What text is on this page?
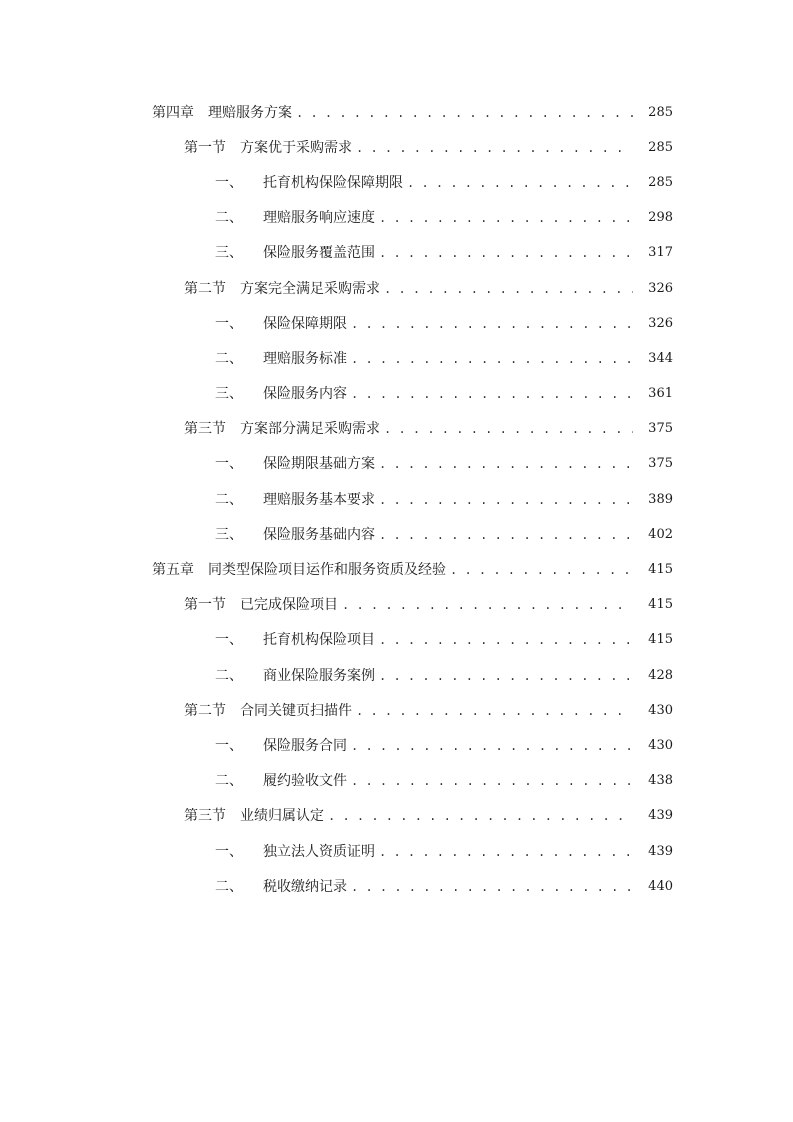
第四章 理赔服务方案 . . .	285
第一节 方案优于采购需求 . . .	285
一、 托育机构保险保障期限 . . .	285
二、 理赔服务响应速度 . . .	298
三、 保险服务覆盖范围 . . .	317
第二节 方案完全满足采购需求 . . .	326
一、 保险保障期限 . . .	326
二、 理赔服务标准 . . .	344
三、 保险服务内容 . . .	361
第三节 方案部分满足采购需求 . . .	375
一、 保险期限基础方案 . . .	375
二、 理赔服务基本要求 . . .	389
三、 保险服务基础内容 . . .	402
第五章 同类型保险项目运作和服务资质及经验 . . .	415
第一节 已完成保险项目 . . .	415
一、 托育机构保险项目 . . .	415
二、 商业保险服务案例 . . .	428
第二节 合同关键页扫描件 . . .	430
一、 保险服务合同 . . .	430
二、 履约验收文件 . . .	438
第三节 业绩归属认定 . . .	439
一、 独立法人资质证明 . . .	439
二、 税收缴纳记录 . . .	440
